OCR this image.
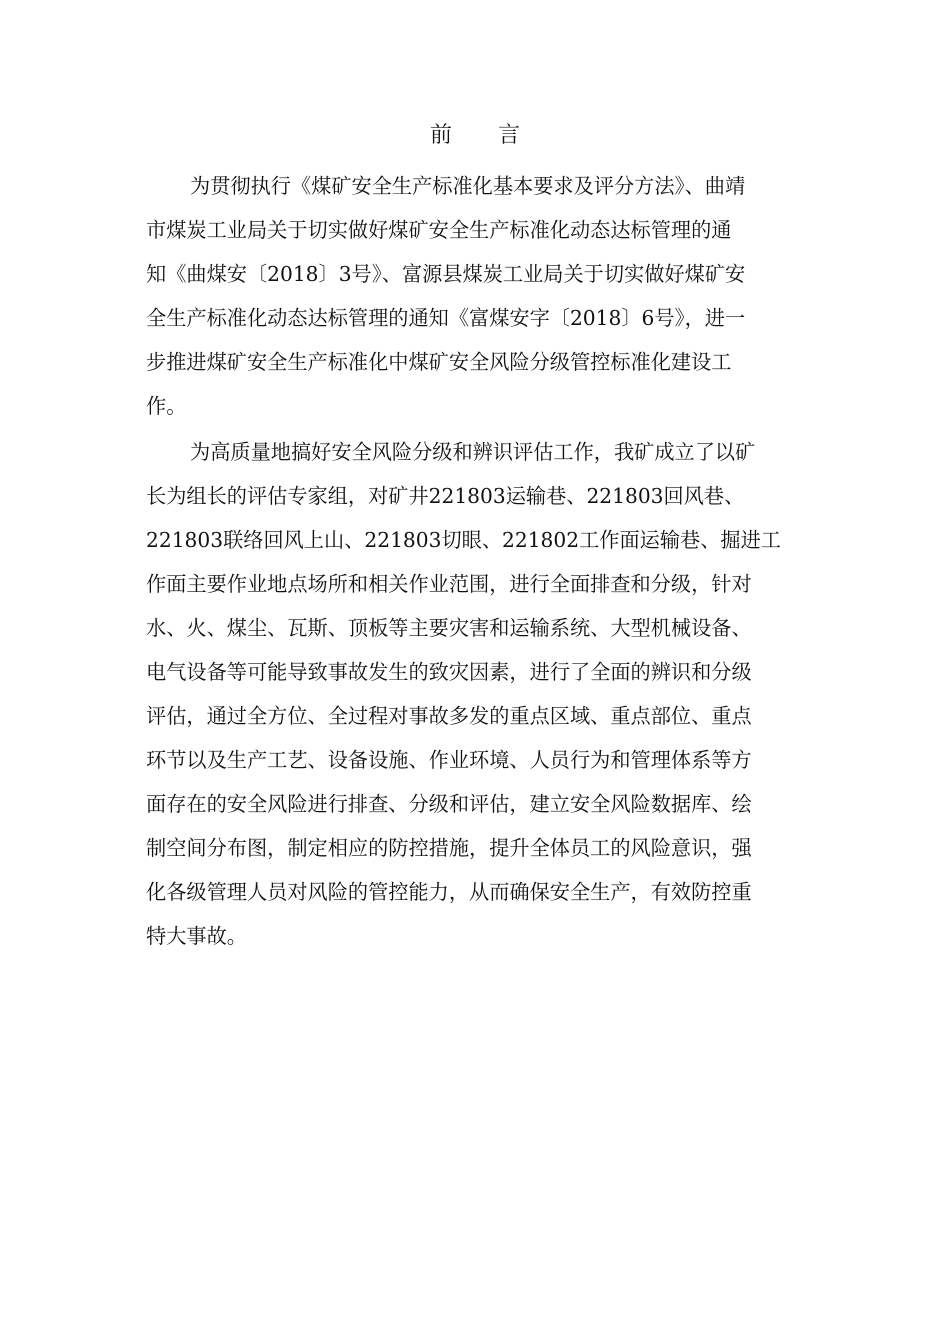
前 言
为贯彻执行《煤矿安全生产标准化基本要求及评分方法》、曲靖
市煤炭工业局关于切实做好煤矿安全生产标准化动态达标管理的通
知《曲煤安〔2018〕3号》、富源县煤炭工业局关于切实做好煤矿安
全生产标准化动态达标管理的通知《富煤安字〔2018〕6号》，进一
步推进煤矿安全生产标准化中煤矿安全风险分级管控标准化建设工
作。
为高质量地搞好安全风险分级和辨识评估工作，我矿成立了以矿
长为组长的评估专家组，对矿井221803运输巷、221803回风巷、
221803联络回风上山、221803切眼、221802工作面运输巷、掘进工
作面主要作业地点场所和相关作业范围，进行全面排查和分级，针对
水、火、煤尘、瓦斯、顶板等主要灾害和运输系统、大型机械设备、
电气设备等可能导致事故发生的致灾因素，进行了全面的辨识和分级
评估，通过全方位、全过程对事故多发的重点区域、重点部位、重点
环节以及生产工艺、设备设施、作业环境、人员行为和管理体系等方
面存在的安全风险进行排查、分级和评估，建立安全风险数据库、绘
制空间分布图，制定相应的防控措施，提升全体员工的风险意识，强
化各级管理人员对风险的管控能力，从而确保安全生产，有效防控重
特大事故。
